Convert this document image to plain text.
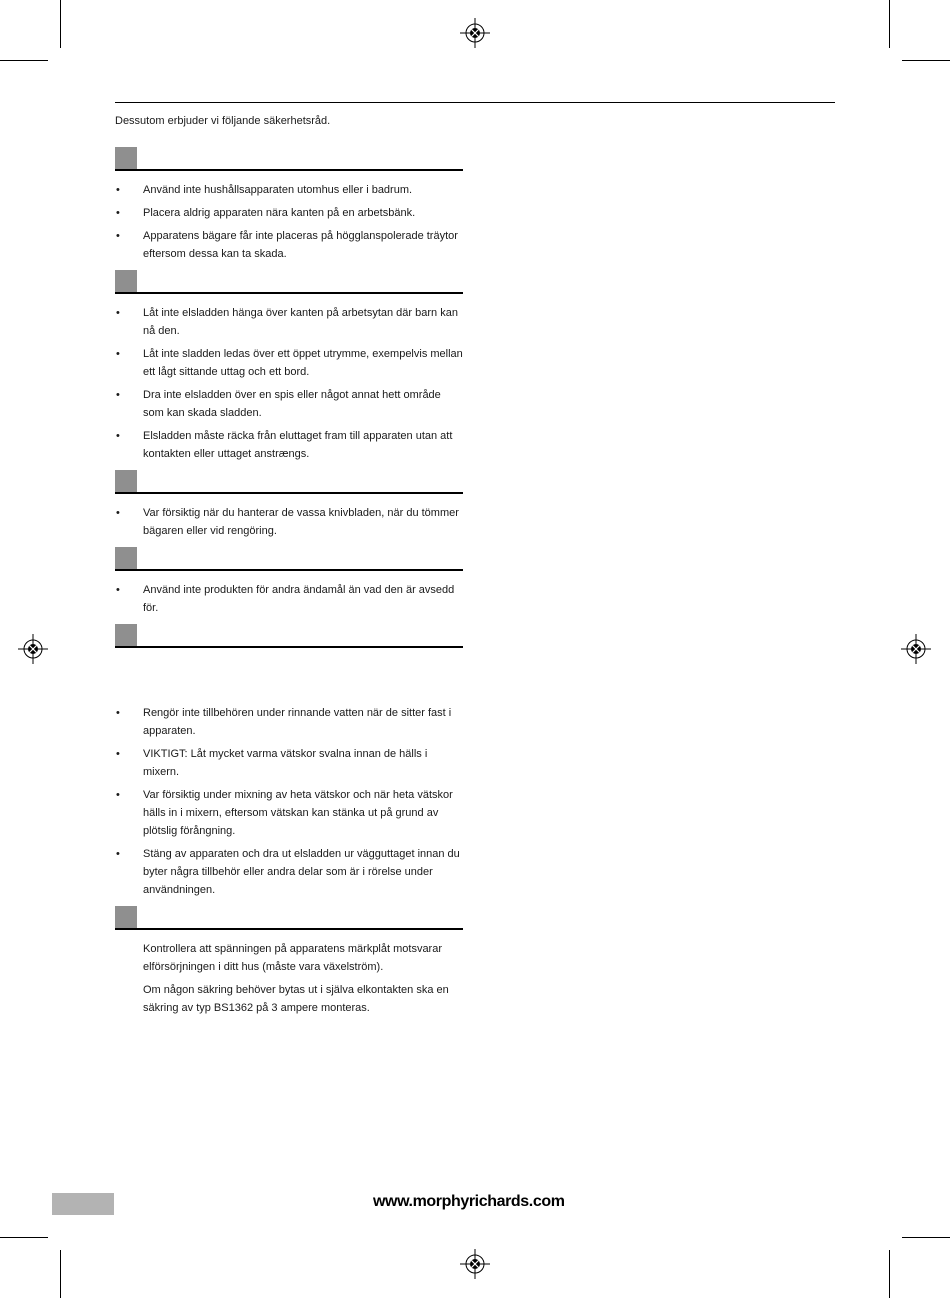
Dessutom erbjuder vi följande säkerhetsråd.

• Använd inte hushållsapparaten utomhus eller i badrum.
• Placera aldrig apparaten nära kanten på en arbetsbänk.
• Apparatens bägare får inte placeras på högglanspolerade träytor eftersom dessa kan ta skada.
• Låt inte elsladden hänga över kanten på arbetsytan där barn kan nå den.
• Låt inte sladden ledas över ett öppet utrymme, exempelvis mellan ett lågt sittande uttag och ett bord.
• Dra inte elsladden över en spis eller något annat hett område som kan skada sladden.
• Elsladden måste räcka från eluttaget fram till apparaten utan att kontakten eller uttaget anstrængs.
• Var försiktig när du hanterar de vassa knivbladen, när du tömmer bägaren eller vid rengöring.
• Använd inte produkten för andra ändamål än vad den är avsedd för.
• Rengör inte tillbehören under rinnande vatten när de sitter fast i apparaten.
• VIKTIGT: Låt mycket varma vätskor svalna innan de hälls i mixern.
• Var försiktig under mixning av heta vätskor och när heta vätskor hälls in i mixern, eftersom vätskan kan stänka ut på grund av plötslig förångning.
• Stäng av apparaten och dra ut elsladden ur vägguttaget innan du byter några tillbehör eller andra delar som är i rörelse under användningen.

Kontrollera att spänningen på apparatens märkplåt motsvarar elförsörjningen i ditt hus (måste vara växelström).

Om någon säkring behöver bytas ut i själva elkontakten ska en säkring av typ BS1362 på 3 ampere monteras.

www.morphyrichards.com
